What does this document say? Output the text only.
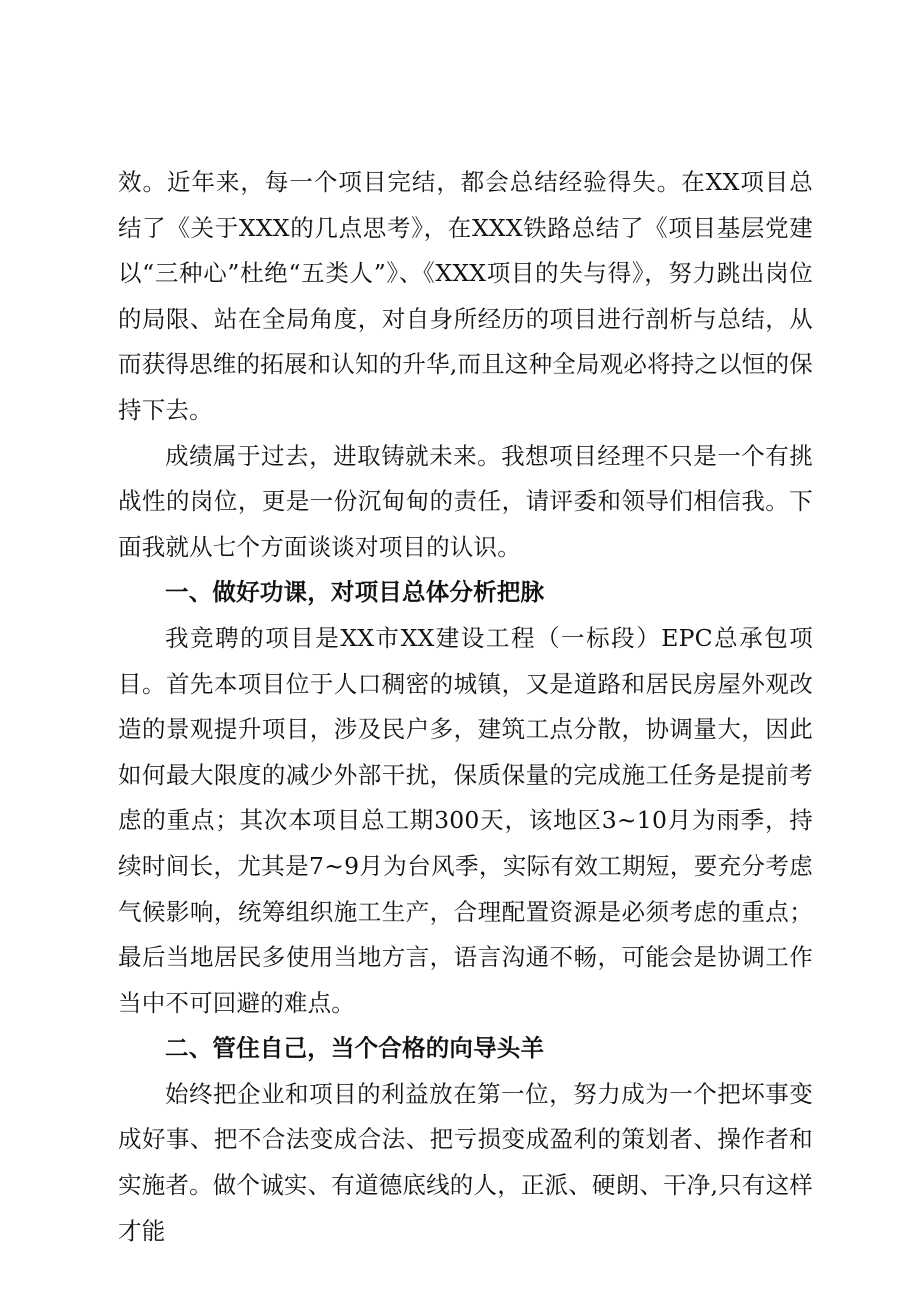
效。近年来，每一个项目完结，都会总结经验得失。在XX项目总结了《关于XXX的几点思考》，在XXX铁路总结了《项目基层党建以“三种心”杜绝“五类人”》、《XXX项目的失与得》，努力跳出岗位的局限、站在全局角度，对自身所经历的项目进行剖析与总结，从而获得思维的拓展和认知的升华,而且这种全局观必将持之以恒的保持下去。

成绩属于过去，进取铸就未来。我想项目经理不只是一个有挑战性的岗位，更是一份沉甸甸的责任，请评委和领导们相信我。下面我就从七个方面谈谈对项目的认识。

一、做好功课，对项目总体分析把脉

我竞聘的项目是XX市XX建设工程（一标段）EPC总承包项目。首先本项目位于人口稠密的城镇，又是道路和居民房屋外观改造的景观提升项目，涉及民户多，建筑工点分散，协调量大，因此如何最大限度的减少外部干扰，保质保量的完成施工任务是提前考虑的重点；其次本项目总工期300天，该地区3~10月为雨季，持续时间长，尤其是7~9月为台风季，实际有效工期短，要充分考虑气候影响，统筹组织施工生产，合理配置资源是必须考虑的重点；最后当地居民多使用当地方言，语言沟通不畅，可能会是协调工作当中不可回避的难点。

二、管住自己，当个合格的向导头羊

始终把企业和项目的利益放在第一位，努力成为一个把坏事变成好事、把不合法变成合法、把亏损变成盈利的策划者、操作者和实施者。做个诚实、有道德底线的人，正派、硬朗、干净,只有这样才能
